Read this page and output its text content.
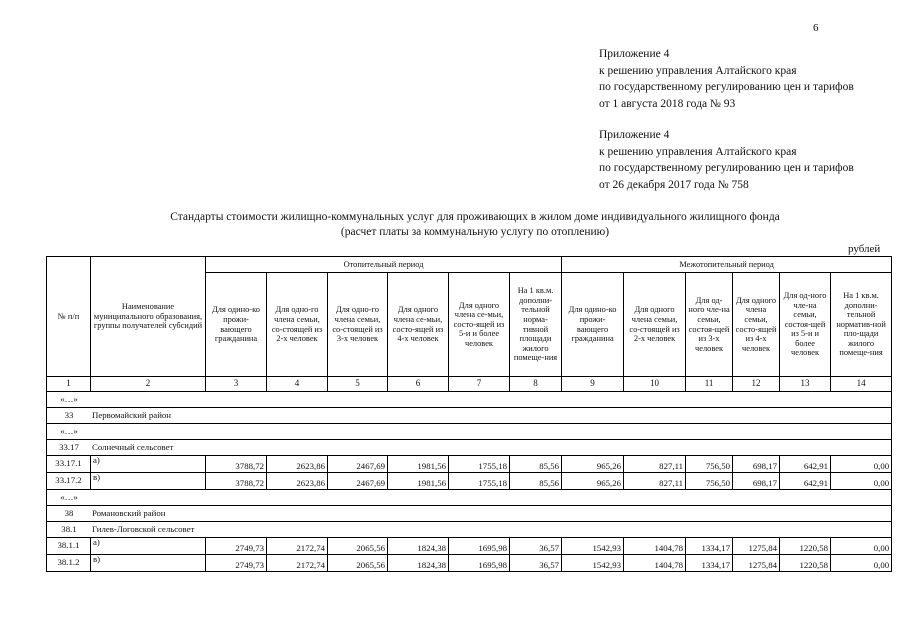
6
Приложение 4
к решению управления Алтайского края
по государственному регулированию цен и тарифов
от 1 августа 2018 года № 93
Приложение 4
к решению управления Алтайского края
по государственному регулированию цен и тарифов
от 26 декабря 2017 года № 758
Стандарты стоимости жилищно-коммунальных услуг для проживающих в жилом доме индивидуального жилищного фонда
(расчет платы за коммунальную услугу по отоплению)
рублей
№ п/п	Наименование муниципального образования, группы получателей субсидий	Отопительный период						Межотопительный период					
		Для одино-ко прожи-вающего гражданина	Для одно-го члена семьи, со-стоящей из 2-х человек	Для одно-го члена семьи, со-стоящей из 3-х человек	Для одного члена се-мьи, состо-ящей из 4-х человек	Для одного члена се-мьи, состо-ящей из 5-и и более человек	На 1 кв.м. дополни-тельной норма-тивной площади жилого помеще-ния	Для одино-ко прожи-вающего гражданина	Для одного члена семьи, со-стоящей из 2-х человек	Для од-ного чле-на семьи, состоя-щей из 3-х человек	Для одного члена семьи, состо-ящей из 4-х человек	Для од-ного чле-на семьи, состоя-щей из 5-и и более человек	На 1 кв.м. дополни-тельной норматив-ной пло-щади жилого помеще-ния
1	2	3	4	5	6	7	8	9	10	11	12	13	14
«…»													
33 Первомайский район													
«…»													
33.17 Солнечный сельсовет													
33.17.1	а)	3788,72	2623,86	2467,69	1981,56	1755,18	85,56	965,26	827,11	756,50	698,17	642,91	0,00
33.17.2	в)	3788,72	2623,86	2467,69	1981,56	1755,18	85,56	965,26	827,11	756,50	698,17	642,91	0,00
«…»													
38 Романовский район													
38.1 Гилев-Логовской сельсовет													
38.1.1	а)	2749,73	2172,74	2065,56	1824,38	1695,98	36,57	1542,93	1404,78	1334,17	1275,84	1220,58	0,00
38.1.2	в)	2749,73	2172,74	2065,56	1824,38	1695,98	36,57	1542,93	1404,78	1334,17	1275,84	1220,58	0,00
